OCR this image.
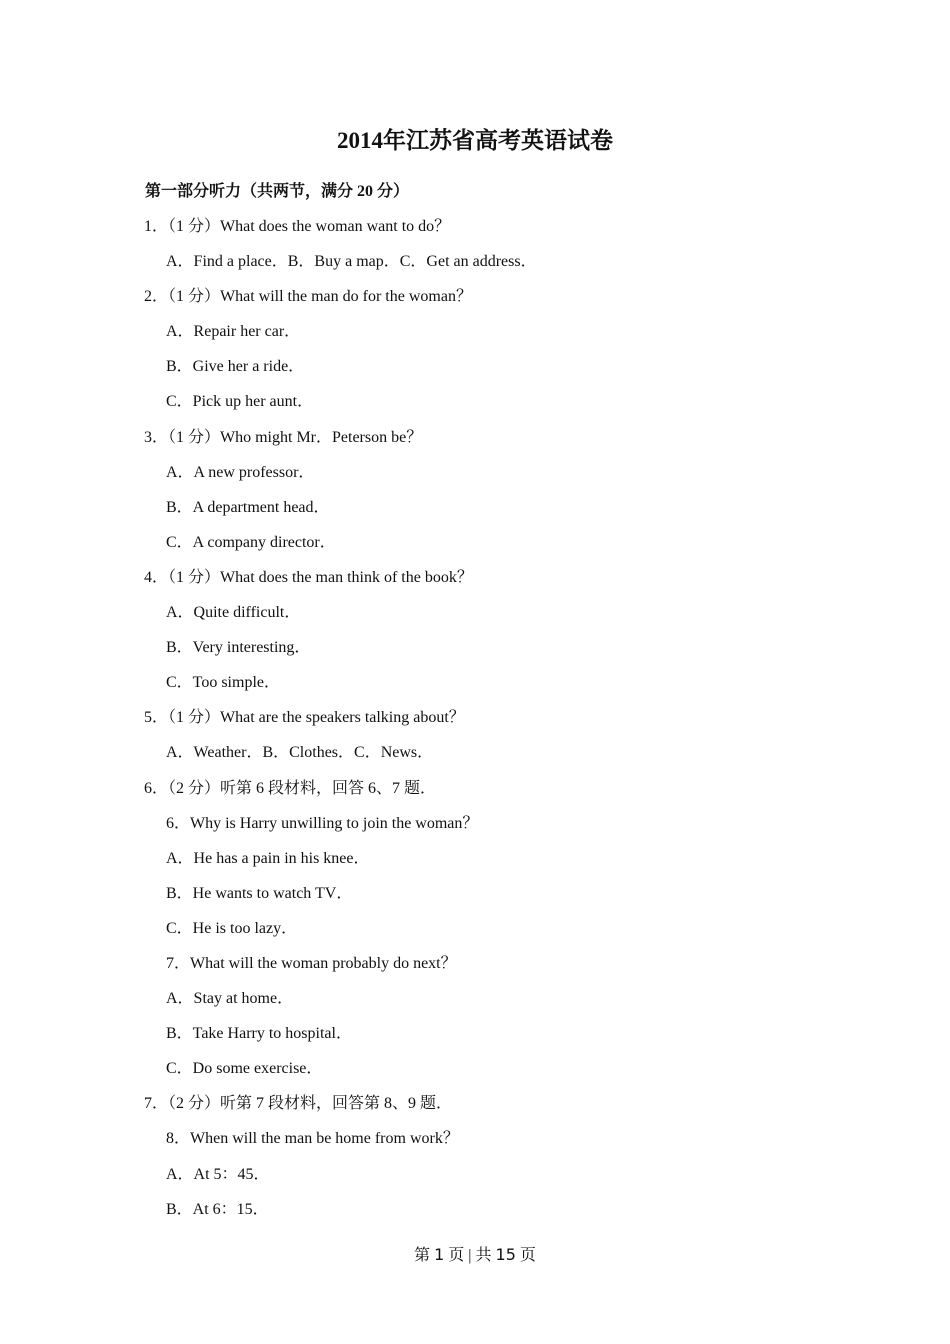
2014年江苏省高考英语试卷
第一部分听力（共两节，满分 20 分）
1．（1 分）What does the woman want to do？
A．Find a place．B．Buy a map．C．Get an address．
2．（1 分）What will the man do for the woman？
A．Repair her car．
B．Give her a ride．
C．Pick up her aunt．
3．（1 分）Who might Mr．Peterson be？
A．A new professor．
B．A department head．
C．A company director．
4．（1 分）What does the man think of the book？
A．Quite difficult．
B．Very interesting．
C．Too simple．
5．（1 分）What are the speakers talking about？
A．Weather．B．Clothes．C．News．
6．（2 分）听第 6 段材料，回答 6、7 题．
6．Why is Harry unwilling to join the woman？
A．He has a pain in his knee．
B．He wants to watch TV．
C．He is too lazy．
7．What will the woman probably do next？
A．Stay at home．
B．Take Harry to hospital．
C．Do some exercise．
7．（2 分）听第 7 段材料，回答第 8、9 题．
8．When will the man be home from work？
A．At 5：45．
B．At 6：15．
第 1 页 | 共 15 页
